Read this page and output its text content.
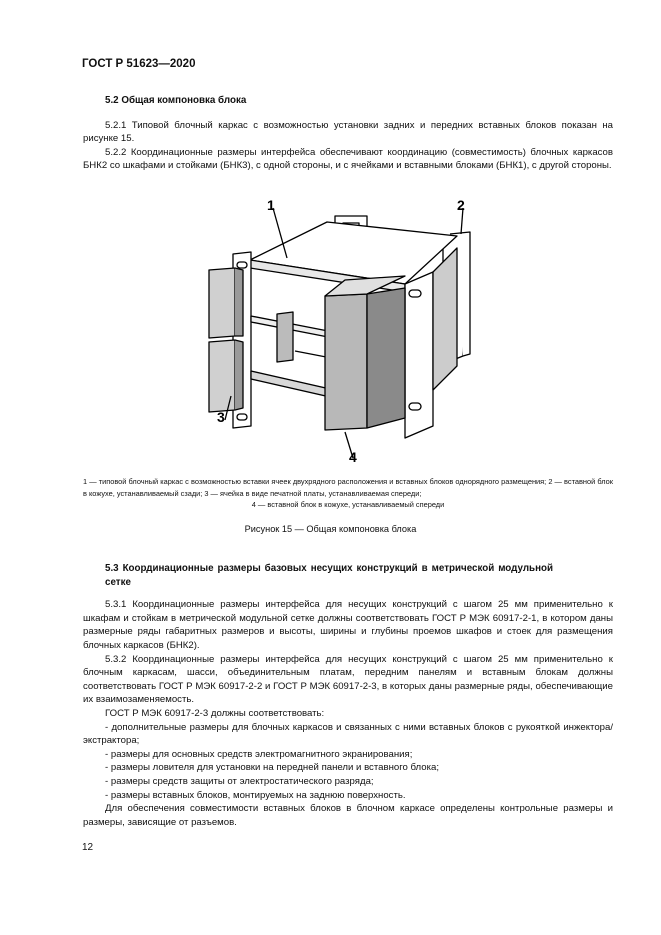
ГОСТ Р 51623—2020

5.2 Общая компоновка блока

5.2.1 Типовой блочный каркас с возможностью установки задних и передних вставных блоков показан на рисунке 15.

5.2.2 Координационные размеры интерфейса обеспечивают координацию (совместимость) блочных каркасов БНК2 со шкафами и стойками (БНК3), с одной стороны, и с ячейками и вставными блоками (БНК1), с другой стороны.

1	2
3
4
1 — типовой блочный каркас с возможностью вставки ячеек двухрядного расположения и вставных блоков однорядного размещения; 2 — вставной блок в кожухе, устанавливаемый сзади; 3 — ячейка в виде печатной платы, устанавливаемая спереди;
4 — вставной блок в кожухе, устанавливаемый спереди
Рисунок 15 — Общая компоновка блока

5.3 Координационные размеры базовых несущих конструкций в метрической модульной сетке

5.3.1 Координационные размеры интерфейса для несущих конструкций с шагом 25 мм применительно к шкафам и стойкам в метрической модульной сетке должны соответствовать ГОСТ Р МЭК 60917-2-1, в котором даны размерные ряды габаритных размеров и высоты, ширины и глубины проемов шкафов и стоек для размещения блочных каркасов (БНК2).

5.3.2 Координационные размеры интерфейса для несущих конструкций с шагом 25 мм применительно к блочным каркасам, шасси, объединительным платам, передним панелям и вставным блокам должны соответствовать ГОСТ Р МЭК 60917-2-2 и ГОСТ Р МЭК 60917-2-3, в которых даны размерные ряды, обеспечивающие их взаимозаменяемость.

ГОСТ Р МЭК 60917-2-3 должны соответствовать:

- дополнительные размеры для блочных каркасов и связанных с ними вставных блоков с рукояткой инжектора/экстрактора;

- размеры для основных средств электромагнитного экранирования;

- размеры ловителя для установки на передней панели и вставного блока;

- размеры средств защиты от электростатического разряда;

- размеры вставных блоков, монтируемых на заднюю поверхность.

Для обеспечения совместимости вставных блоков в блочном каркасе определены контрольные размеры и размеры, зависящие от разъемов.

12
